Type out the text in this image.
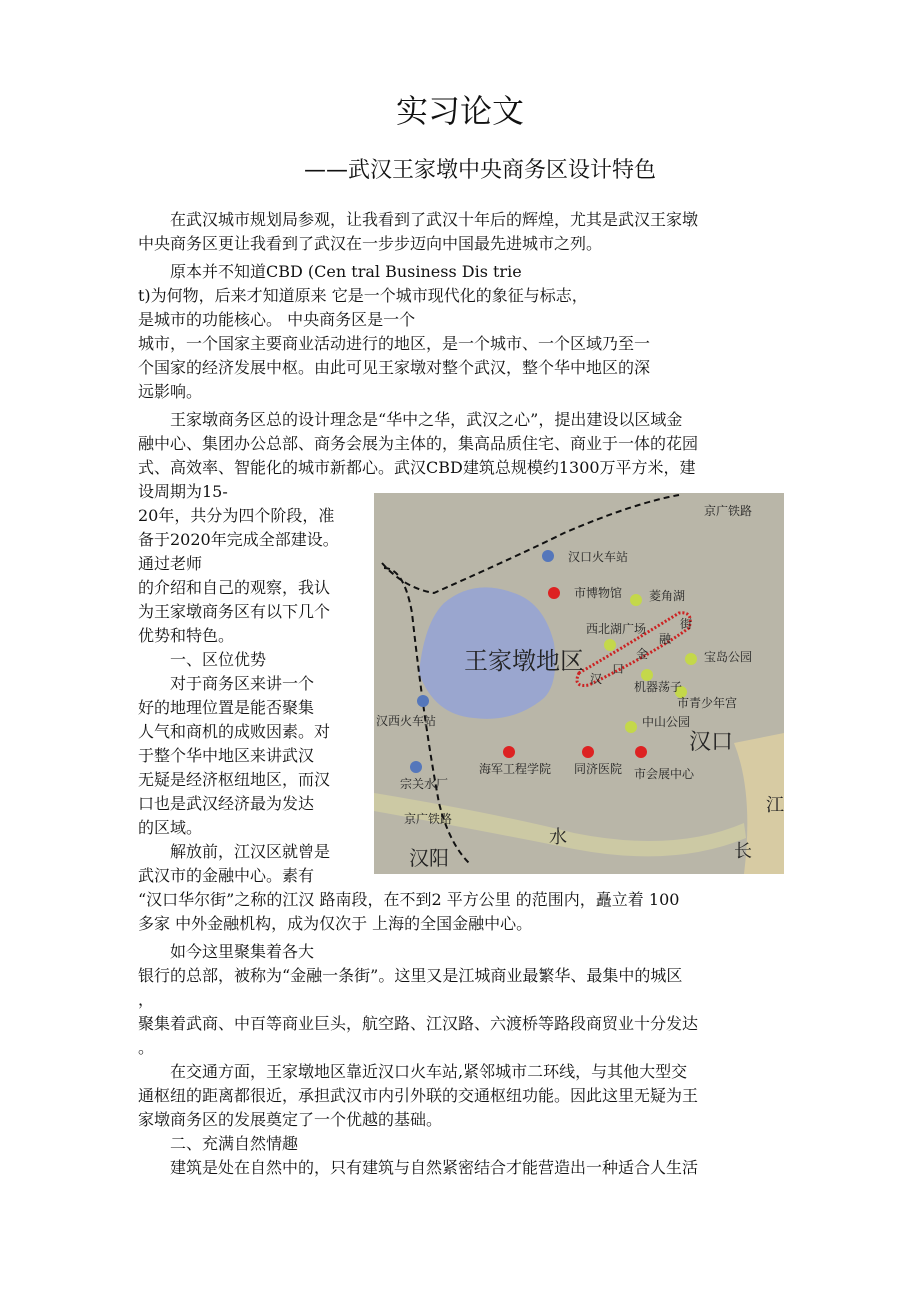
实习论文
——武汉王家墩中央商务区设计特色
　　在武汉城市规划局参观，让我看到了武汉十年后的辉煌，尤其是武汉王家墩
中央商务区更让我看到了武汉在一步步迈向中国最先进城市之列。
　　原本并不知道CBD (Cen tral Business Dis trie
t)为何物，后来才知道原来 它是一个城市现代化的象征与标志，
是城市的功能核心。 中央商务区是一个
城市，一个国家主要商业活动进行的地区，是一个城市、一个区域乃至一
个国家的经济发展中枢。由此可见王家墩对整个武汉，整个华中地区的深
远影响。
　　王家墩商务区总的设计理念是“华中之华，武汉之心”，提出建设以区域金
融中心、集团办公总部、商务会展为主体的，集高品质住宅、商业于一体的花园
式、高效率、智能化的城市新都心。武汉CBD建筑总规模约1300万平方米，建
设周期为15-
20年，共分为四个阶段，准
备于2020年完成全部建设。
通过老师
的介绍和自己的观察，我认
为王家墩商务区有以下几个
优势和特色。
　　一、区位优势
　　对于商务区来讲一个
好的地理位置是能否聚集
人气和商机的成败因素。对
于整个华中地区来讲武汉
无疑是经济枢纽地区，而汉
口也是武汉经济最为发达
的区域。
　　解放前，江汉区就曾是
武汉市的金融中心。素有
“汉口华尔街”之称的江汉 路南段，在不到2 平方公里 的范围内，矗立着 100
多家 中外金融机构，成为仅次于 上海的全国金融中心。
　　如今这里聚集着各大
银行的总部，被称为“金融一条街”。这里又是江城商业最繁华、最集中的城区
，
聚集着武商、中百等商业巨头，航空路、江汉路、六渡桥等路段商贸业十分发达
。
　　在交通方面，王家墩地区靠近汉口火车站,紧邻城市二环线，与其他大型交
通枢纽的距离都很近，承担武汉市内引外联的交通枢纽功能。因此这里无疑为王
家墩商务区的发展奠定了一个优越的基础。
　　二、充满自然情趣
　　建筑是处在自然中的，只有建筑与自然紧密结合才能营造出一种适合人生活
京广铁路
汉口火车站
市博物馆 菱角湖
西北湖广场
王家墩地区	宝岛公园
机器荡子
市青少年宫
中山公园
汉口
汉西火车站
海军工程学院 同济医院 市会展中心
宗关水厂
京广铁路
水
江
长
汉阳
汉
口
金
融
街
